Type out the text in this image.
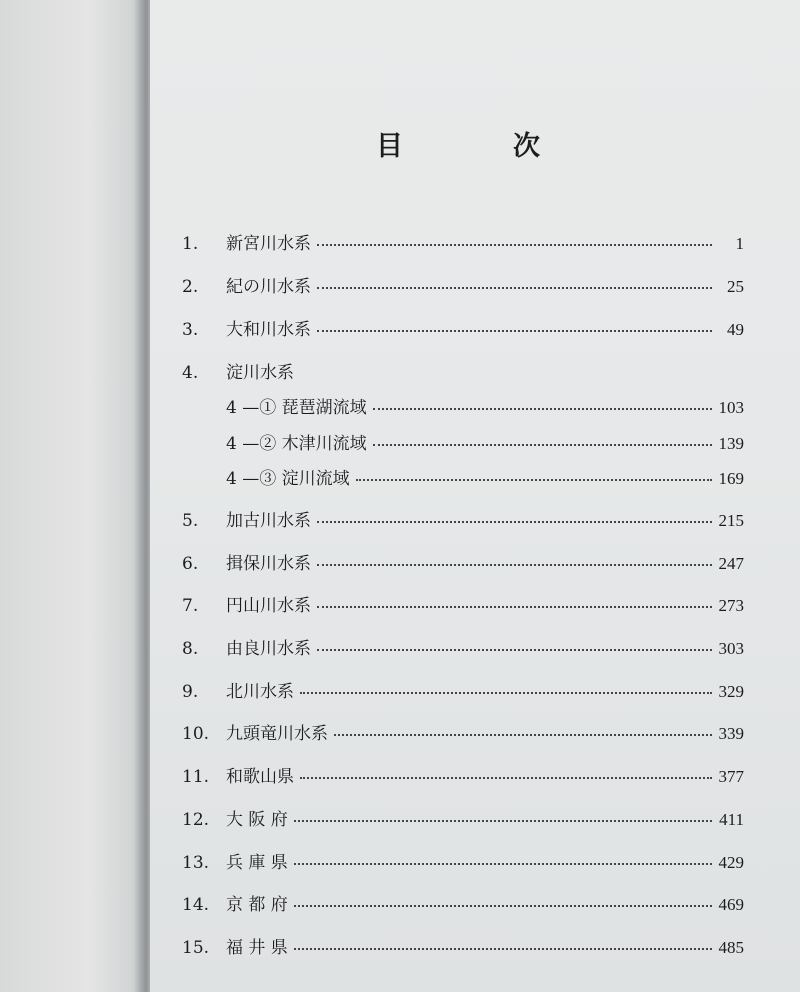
目	次
1.	新宮川水系	1
2.	紀の川水系	25
3.	大和川水系	49
4.	淀川水系
4 —① 琵琶湖流域	103
4 —② 木津川流域	139
4 —③ 淀川流域	169
5.	加古川水系	215
6.	揖保川水系	247
7.	円山川水系	273
8.	由良川水系	303
9.	北川水系	329
10. 九頭竜川水系	339
11. 和歌山県	377
12. 大 阪 府	411
13. 兵 庫 県	429
14. 京 都 府	469
15. 福 井 県	485
